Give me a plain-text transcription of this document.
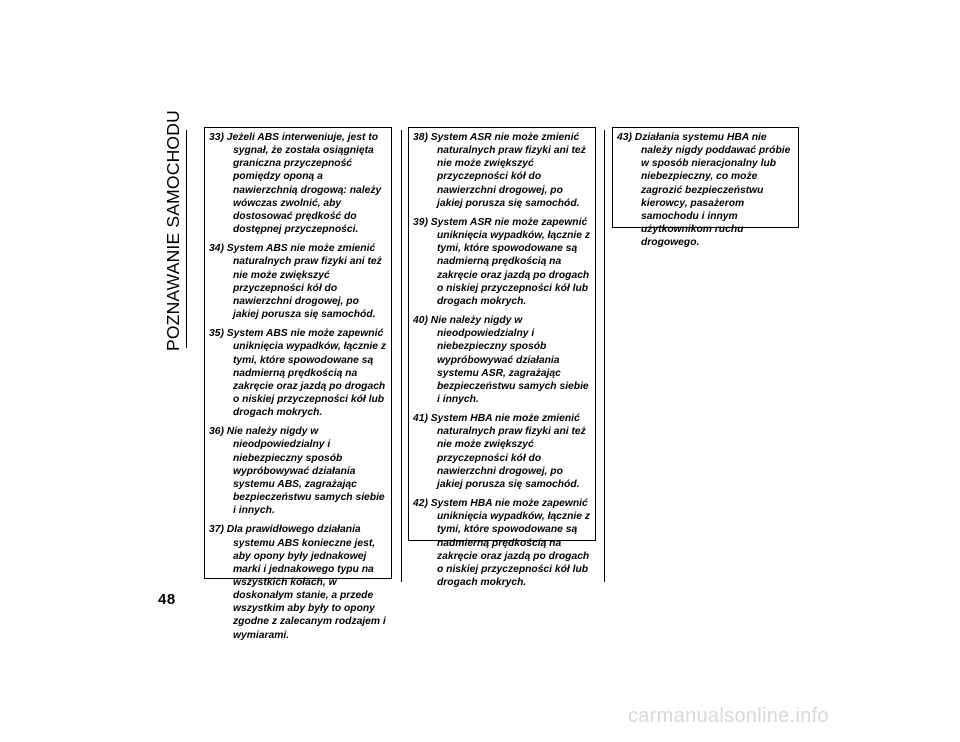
POZNAWANIE SAMOCHODU	33) Jeżeli ABS interweniuje, jest to sygnał, że została osiągnięta graniczna przyczepność pomiędzy oponą a nawierzchnią drogową: należy wówczas zwolnić, aby dostosować prędkość do dostępnej przyczepności.

34) System ABS nie może zmienić naturalnych praw fizyki ani też nie może zwiększyć przyczepności kół do nawierzchni drogowej, po jakiej porusza się samochód.

35) System ABS nie może zapewnić uniknięcia wypadków, łącznie z tymi, które spowodowane są nadmierną prędkością na zakręcie oraz jazdą po drogach o niskiej przyczepności kół lub drogach mokrych.

36) Nie należy nigdy w nieodpowiedzialny i niebezpieczny sposób wypróbowywać działania systemu ABS, zagrażając bezpieczeństwu samych siebie i innych.

37) Dla prawidłowego działania systemu ABS konieczne jest, aby opony były jednakowej marki i jednakowego typu na wszystkich kołach, w doskonałym stanie, a przede wszystkim aby były to opony zgodne z zalecanym rodzajem i wymiarami.

38) System ASR nie może zmienić naturalnych praw fizyki ani też nie może zwiększyć przyczepności kół do nawierzchni drogowej, po jakiej porusza się samochód.

39) System ASR nie może zapewnić uniknięcia wypadków, łącznie z tymi, które spowodowane są nadmierną prędkością na zakręcie oraz jazdą po drogach o niskiej przyczepności kół lub drogach mokrych.

40) Nie należy nigdy w nieodpowiedzialny i niebezpieczny sposób wypróbowywać działania systemu ASR, zagrażając bezpieczeństwu samych siebie i innych.

41) System HBA nie może zmienić naturalnych praw fizyki ani też nie może zwiększyć przyczepności kół do nawierzchni drogowej, po jakiej porusza się samochód.

42) System HBA nie może zapewnić uniknięcia wypadków, łącznie z tymi, które spowodowane są nadmierną prędkością na zakręcie oraz jazdą po drogach o niskiej przyczepności kół lub drogach mokrych.

43) Działania systemu HBA nie należy nigdy poddawać próbie w sposób nieracjonalny lub niebezpieczny, co może zagrozić bezpieczeństwu kierowcy, pasażerom samochodu i innym użytkownikom ruchu drogowego.

48
carmanualsonline.info
